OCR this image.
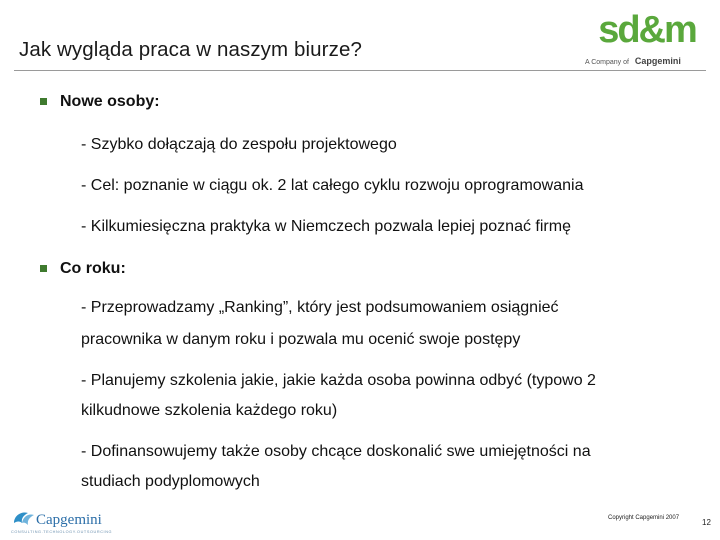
Jak wygląda praca w naszym biurze?	sd&m
A Company of Capgemini
Nowe osoby:
- Szybko dołączają do zespołu projektowego
- Cel: poznanie w ciągu ok. 2 lat całego cyklu rozwoju oprogramowania
- Kilkumiesięczna praktyka w Niemczech pozwala lepiej poznać firmę
Co roku:
- Przeprowadzamy „Ranking”, który jest podsumowaniem osiągnieć
pracownika w danym roku i pozwala mu ocenić swoje postępy
- Planujemy szkolenia jakie, jakie każda osoba powinna odbyć (typowo 2
kilkudnowe szkolenia każdego roku)
- Dofinansowujemy także osoby chcące doskonalić swe umiejętności na
studiach podyplomowych
Capgemini
CONSULTING.TECHNOLOGY.OUTSOURCING
Copyright Capgemini 2007	12
